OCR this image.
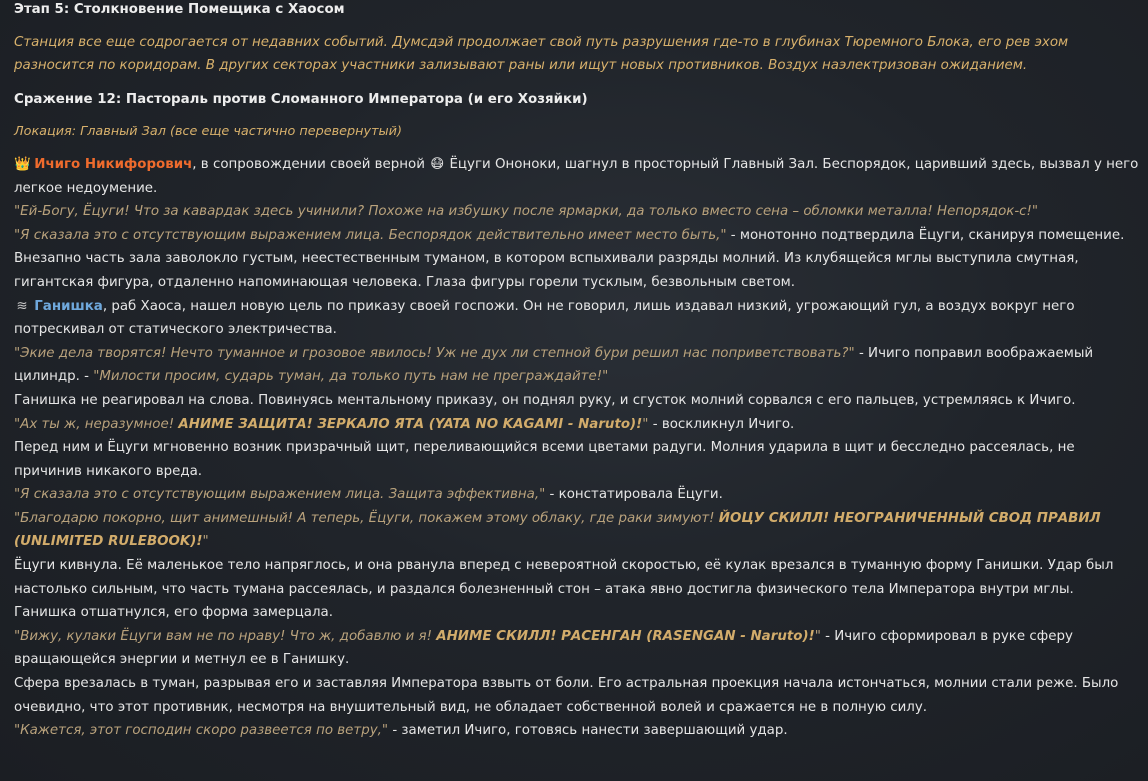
Этап 5: Столкновение Помещика с Хаосом

Станция все еще содрогается от недавних событий. Думсдэй продолжает свой путь разрушения где-то в глубинах Тюремного Блока, его рев эхом разносится по коридорам. В других секторах участники зализывают раны или ищут новых противников. Воздух наэлектризован ожиданием.

Сражение 12: Пастораль против Сломанного Императора (и его Хозяйки)

Локация: Главный Зал (все еще частично перевернутый)

👑 Ичиго Никифорович, в сопровождении своей верной 😷 Ёцуги Ононоки, шагнул в просторный Главный Зал. Беспорядок, царивший здесь, вызвал у него легкое недоумение.

"Ей-Богу, Ёцуги! Что за кавардак здесь учинили? Похоже на избушку после ярмарки, да только вместо сена – обломки металла! Непорядок-с!"

"Я сказала это с отсутствующим выражением лица. Беспорядок действительно имеет место быть," - монотонно подтвердила Ёцуги, сканируя помещение.

Внезапно часть зала заволокло густым, неестественным туманом, в котором вспыхивали разряды молний. Из клубящейся мглы выступила смутная, гигантская фигура, отдаленно напоминающая человека. Глаза фигуры горели тусклым, безвольным светом.

≋ Ганишка, раб Хаоса, нашел новую цель по приказу своей госпожи. Он не говорил, лишь издавал низкий, угрожающий гул, а воздух вокруг него потрескивал от статического электричества.

"Экие дела творятся! Нечто туманное и грозовое явилось! Уж не дух ли степной бури решил нас поприветствовать?" - Ичиго поправил воображаемый цилиндр. - "Милости просим, сударь туман, да только путь нам не преграждайте!"

Ганишка не реагировал на слова. Повинуясь ментальному приказу, он поднял руку, и сгусток молний сорвался с его пальцев, устремляясь к Ичиго.

"Ах ты ж, неразумное! АНИМЕ ЗАЩИТА! ЗЕРКАЛО ЯТА (YATA NO KAGAMI - Naruto)!" - воскликнул Ичиго.

Перед ним и Ёцуги мгновенно возник призрачный щит, переливающийся всеми цветами радуги. Молния ударила в щит и бесследно рассеялась, не причинив никакого вреда.

"Я сказала это с отсутствующим выражением лица. Защита эффективна," - констатировала Ёцуги.

"Благодарю покорно, щит анимешный! А теперь, Ёцуги, покажем этому облаку, где раки зимуют! ЙОЦУ СКИЛЛ! НЕОГРАНИЧЕННЫЙ СВОД ПРАВИЛ (UNLIMITED RULEBOOK)!"

Ёцуги кивнула. Её маленькое тело напряглось, и она рванула вперед с невероятной скоростью, её кулак врезался в туманную форму Ганишки. Удар был настолько сильным, что часть тумана рассеялась, и раздался болезненный стон – атака явно достигла физического тела Императора внутри мглы. Ганишка отшатнулся, его форма замерцала.

"Вижу, кулаки Ёцуги вам не по нраву! Что ж, добавлю и я! АНИМЕ СКИЛЛ! РАСЕНГАН (RASENGAN - Naruto)!" - Ичиго сформировал в руке сферу вращающейся энергии и метнул ее в Ганишку.

Сфера врезалась в туман, разрывая его и заставляя Императора взвыть от боли. Его астральная проекция начала истончаться, молнии стали реже. Было очевидно, что этот противник, несмотря на внушительный вид, не обладает собственной волей и сражается не в полную силу.

"Кажется, этот господин скоро развеется по ветру," - заметил Ичиго, готовясь нанести завершающий удар.
